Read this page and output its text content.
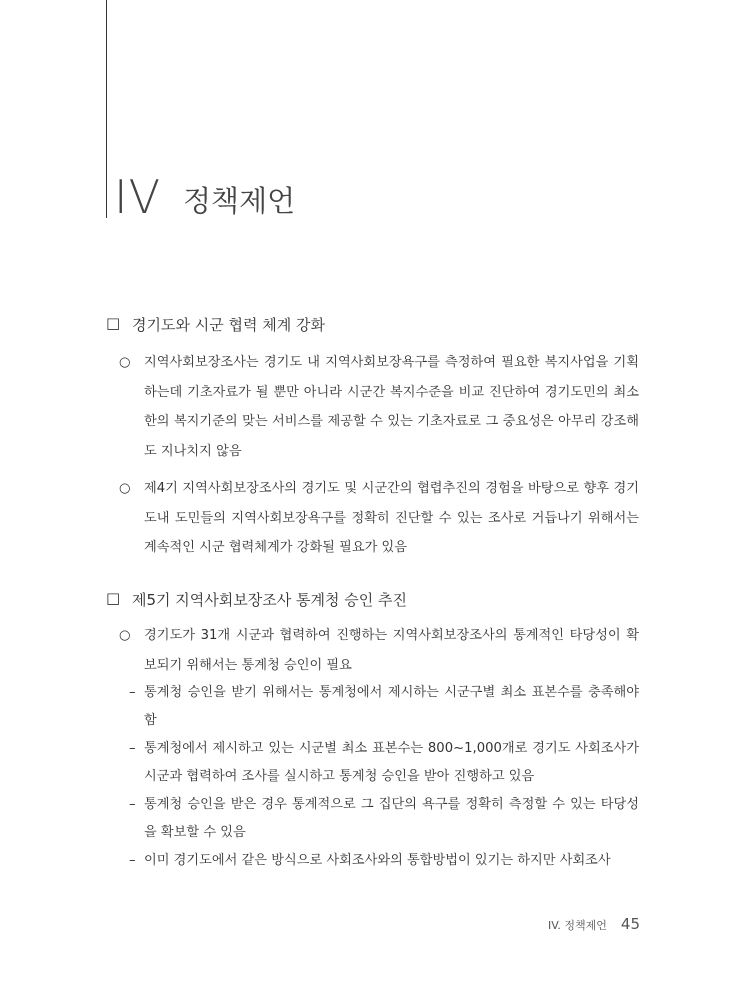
IV 정책제언
□ 경기도와 시군 협력 체계 강화
○	지역사회보장조사는 경기도 내 지역사회보장욕구를 측정하여 필요한 복지사업을 기획하는데 기초자료가 될 뿐만 아니라 시군간 복지수준을 비교 진단하여 경기도민의 최소한의 복지기준의 맞는 서비스를 제공할 수 있는 기초자료로 그 중요성은 아무리 강조해도 지나치지 않음
○	제4기 지역사회보장조사의 경기도 및 시군간의 협렵추진의 경험을 바탕으로 향후 경기도내 도민들의 지역사회보장욕구를 정확히 진단할 수 있는 조사로 거듭나기 위해서는 계속적인 시군 협력체계가 강화될 필요가 있음
□ 제5기 지역사회보장조사 통계청 승인 추진
○	경기도가 31개 시군과 협력하여 진행하는 지역사회보장조사의 통계적인 타당성이 확보되기 위해서는 통계청 승인이 필요
– 통계청 승인을 받기 위해서는 통계청에서 제시하는 시군구별 최소 표본수를 충족해야 함
– 통계청에서 제시하고 있는 시군별 최소 표본수는 800~1,000개로 경기도 사회조사가 시군과 협력하여 조사를 실시하고 통계청 승인을 받아 진행하고 있음
– 통계청 승인을 받은 경우 통계적으로 그 집단의 욕구를 정확히 측정할 수 있는 타당성을 확보할 수 있음
– 이미 경기도에서 같은 방식으로 사회조사와의 통합방법이 있기는 하지만 사회조사
IV. 정책제언 45
